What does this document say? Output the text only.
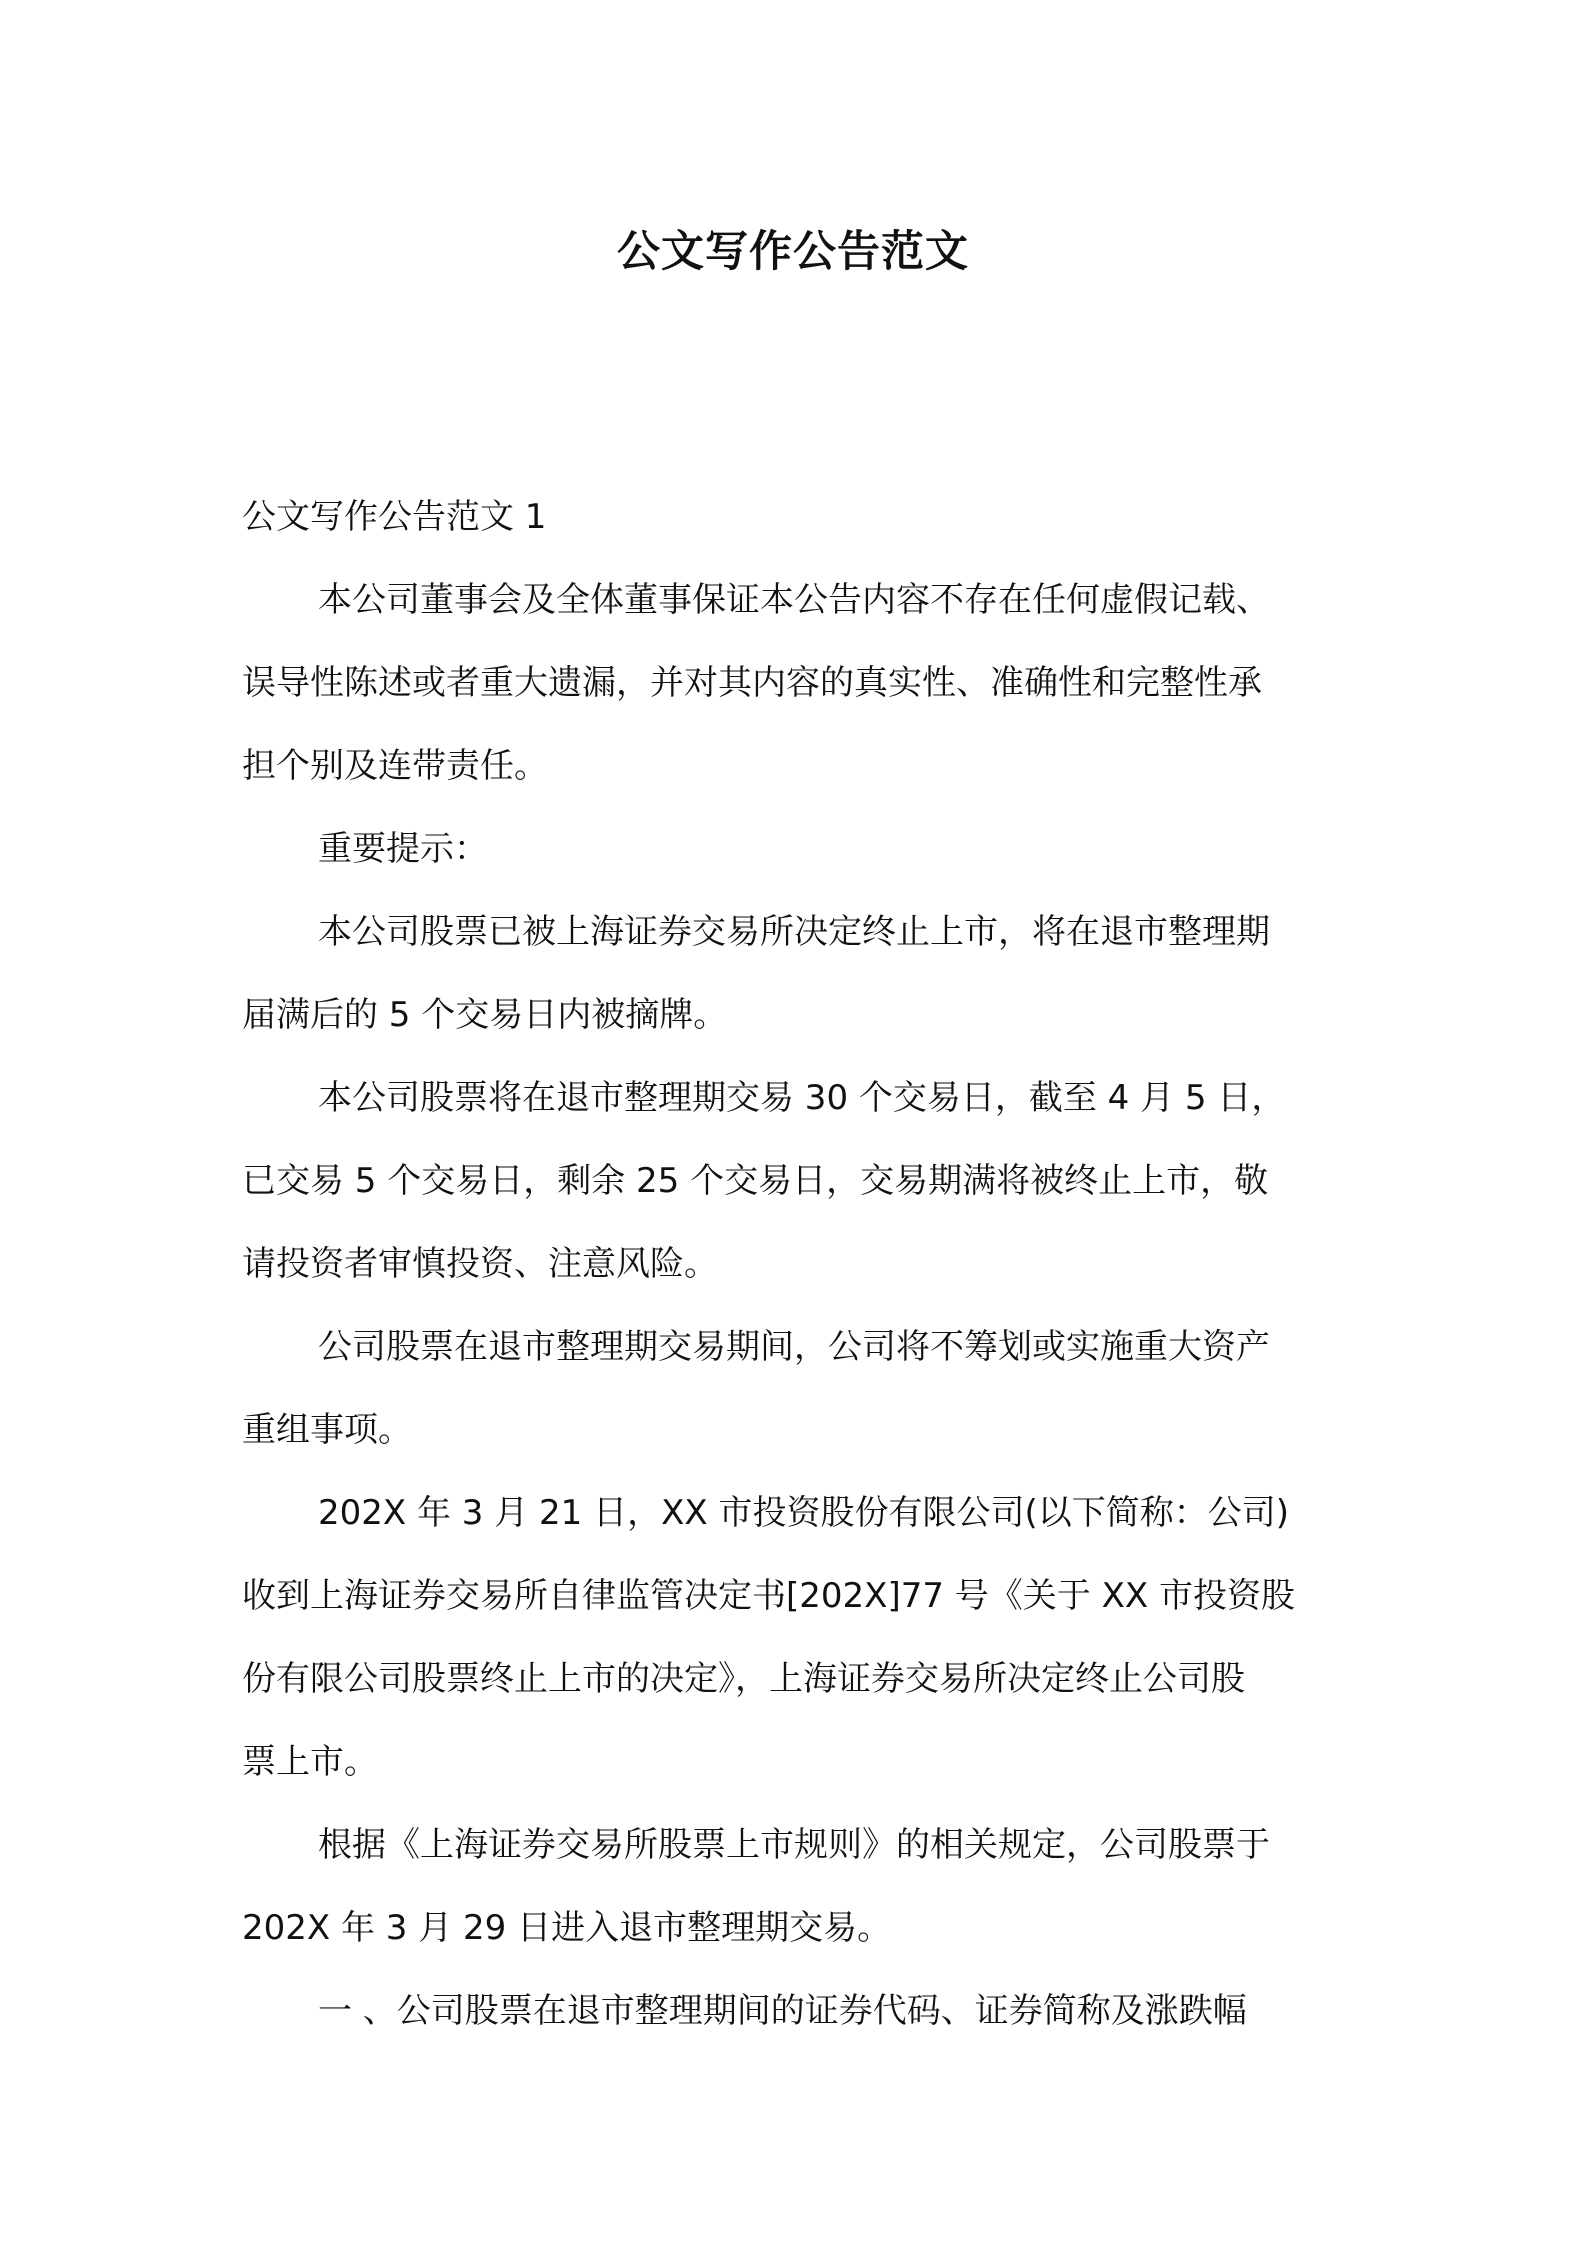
公文写作公告范文
公文写作公告范文 1
本公司董事会及全体董事保证本公告内容不存在任何虚假记载、
误导性陈述或者重大遗漏，并对其内容的真实性、准确性和完整性承
担个别及连带责任。
重要提示：
本公司股票已被上海证券交易所决定终止上市，将在退市整理期
届满后的 5 个交易日内被摘牌。
本公司股票将在退市整理期交易 30 个交易日，截至 4 月 5 日，
已交易 5 个交易日，剩余 25 个交易日，交易期满将被终止上市，敬
请投资者审慎投资、注意风险。
公司股票在退市整理期交易期间，公司将不筹划或实施重大资产
重组事项。
202X 年 3 月 21 日，XX 市投资股份有限公司(以下简称：公司)
收到上海证券交易所自律监管决定书[202X]77 号《关于 XX 市投资股
份有限公司股票终止上市的决定》，上海证券交易所决定终止公司股
票上市。
根据《上海证券交易所股票上市规则》的相关规定，公司股票于
202X 年 3 月 29 日进入退市整理期交易。
一 、公司股票在退市整理期间的证券代码、证券简称及涨跌幅
